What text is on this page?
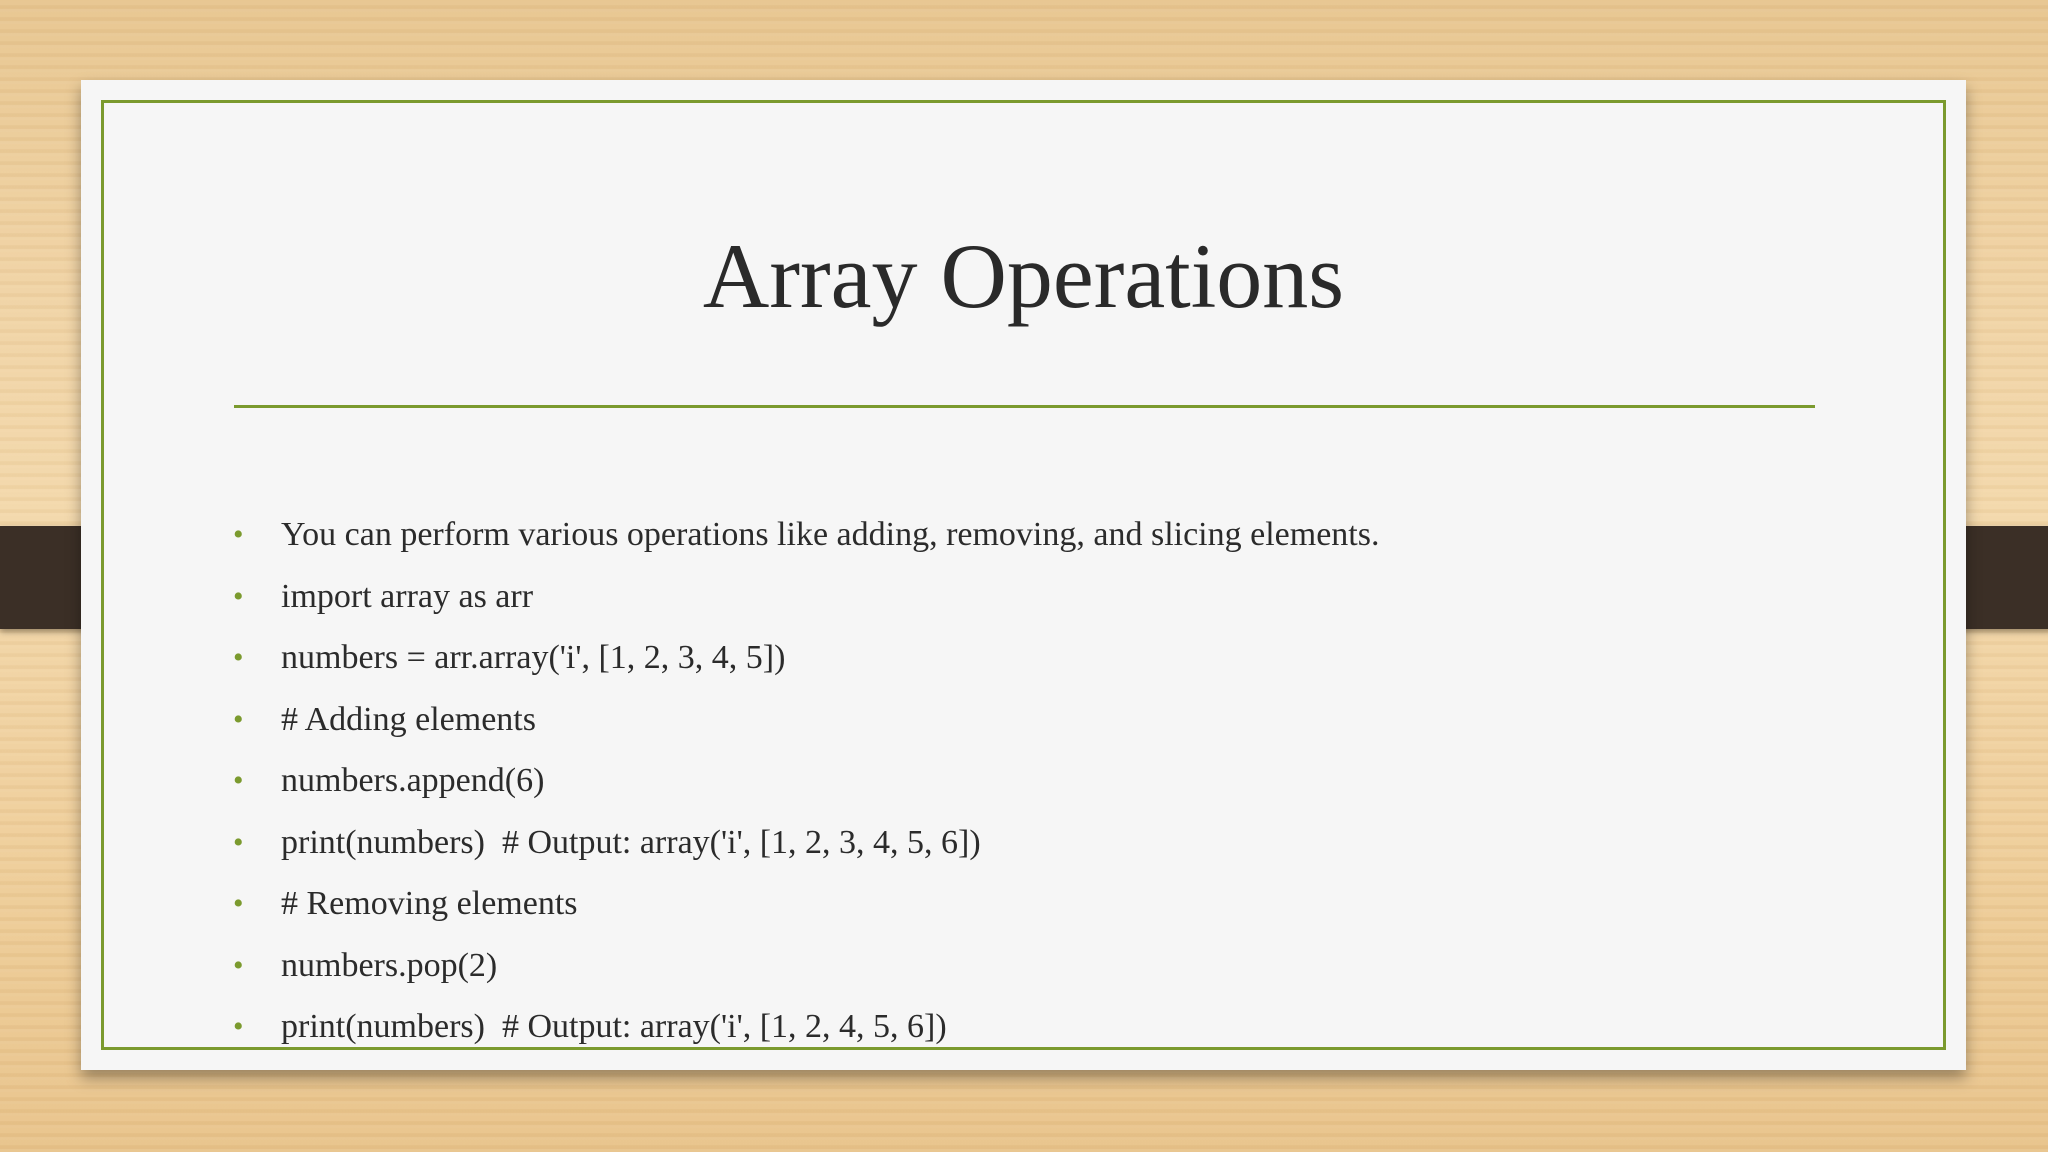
Array Operations
•	You can perform various operations like adding, removing, and slicing elements.
•	import array as arr
•	numbers = arr.array('i', [1, 2, 3, 4, 5])
•	# Adding elements
•	numbers.append(6)
•	print(numbers)  # Output: array('i', [1, 2, 3, 4, 5, 6])
•	# Removing elements
•	numbers.pop(2)
•	print(numbers)  # Output: array('i', [1, 2, 4, 5, 6])
